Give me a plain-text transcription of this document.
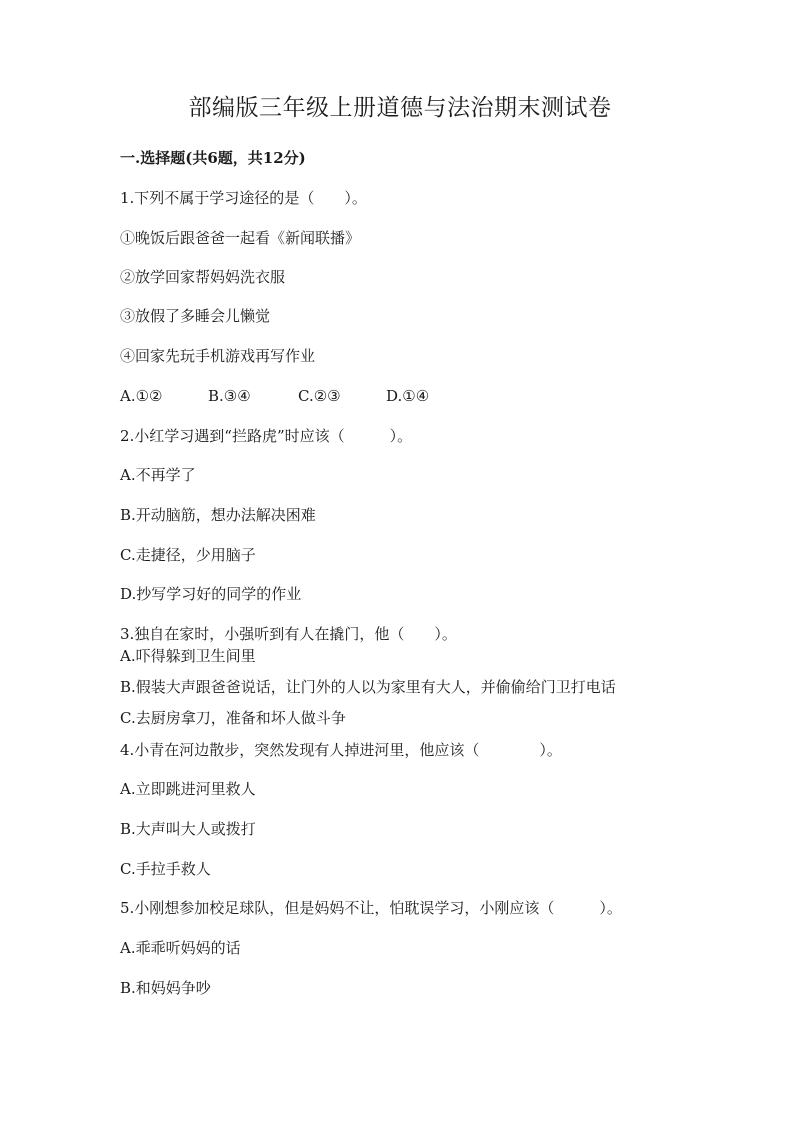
部编版三年级上册道德与法治期末测试卷
一.选择题(共6题，共12分)
1.下列不属于学习途径的是（　　）。
①晚饭后跟爸爸一起看《新闻联播》
②放学回家帮妈妈洗衣服
③放假了多睡会儿懒觉
④回家先玩手机游戏再写作业
A.①②	B.③④	C.②③	D.①④
2.小红学习遇到“拦路虎”时应该（　　　）。
A.不再学了
B.开动脑筋，想办法解决困难
C.走捷径，少用脑子
D.抄写学习好的同学的作业
3.独自在家时，小强听到有人在撬门，他（　　）。
A.吓得躲到卫生间里
B.假装大声跟爸爸说话，让门外的人以为家里有大人，并偷偷给门卫打电话
C.去厨房拿刀，准备和坏人做斗争
4.小青在河边散步，突然发现有人掉进河里，他应该（　　　　）。
A.立即跳进河里救人
B.大声叫大人或拨打
C.手拉手救人
5.小刚想参加校足球队，但是妈妈不让，怕耽误学习，小刚应该（　　　）。
A.乖乖听妈妈的话
B.和妈妈争吵
